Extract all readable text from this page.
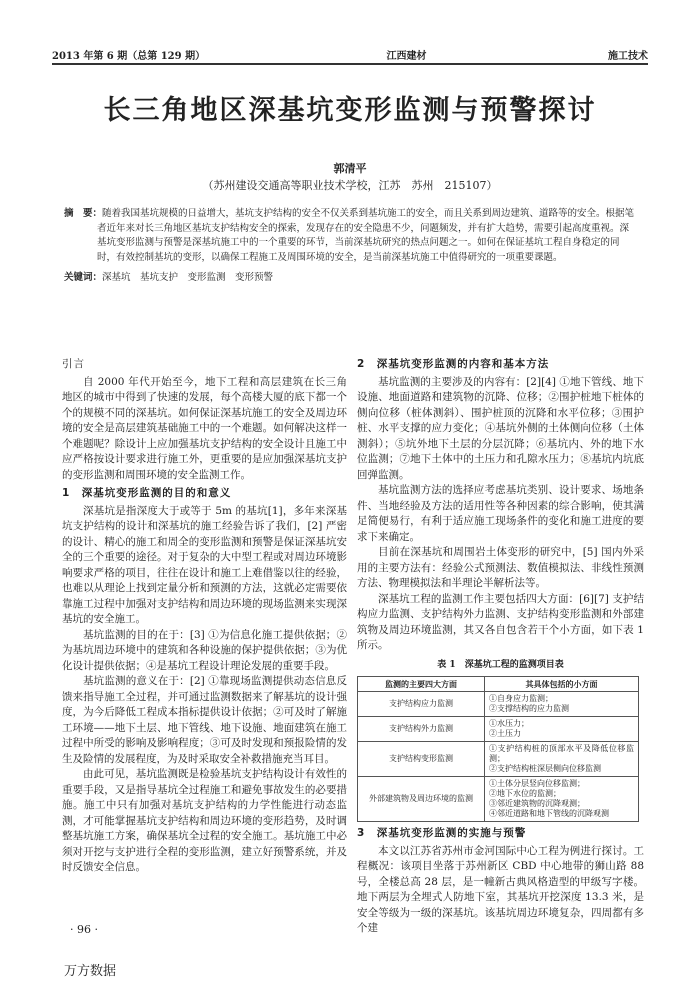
2013 年第 6 期（总第 129 期）	江西建材	施工技术
长三角地区深基坑变形监测与预警探讨
郭清平
（苏州建设交通高等职业技术学校，江苏　苏州　215107）
摘　要：随着我国基坑规模的日益增大，基坑支护结构的安全不仅关系到基坑施工的安全，而且关系到周边建筑、道路等的安全。根据笔者近年来对长三角地区基坑支护结构安全的探索，发现存在的安全隐患不少，问题频发，并有扩大趋势，需要引起高度重视。深基坑变形监测与预警是深基坑施工中的一个重要的环节，当前深基坑研究的热点问题之一。如何在保证基坑工程自身稳定的同时，有效控制基坑的变形，以确保工程施工及周围环境的安全，是当前深基坑施工中值得研究的一项重要课题。
关键词：深基坑　基坑支护　变形监测　变形预警
引言

自 2000 年代开始至今，地下工程和高层建筑在长三角地区的城市中得到了快速的发展，每个高楼大厦的底下都一个个的规模不同的深基坑。如何保证深基坑施工的安全及周边环境的安全是高层建筑基础施工中的一个难题。如何解决这样一个难题呢？除设计上应加强基坑支护结构的安全设计且施工中应严格按设计要求进行施工外，更重要的是应加强深基坑支护的变形监测和周围环境的安全监测工作。

1　深基坑变形监测的目的和意义

深基坑是指深度大于或等于 5m 的基坑[1]，多年来深基坑支护结构的设计和深基坑的施工经验告诉了我们，[2] 严密的设计、精心的施工和周全的变形监测和预警是保证深基坑安全的三个重要的途径。对于复杂的大中型工程或对周边环境影响要求严格的项目，往往在设计和施工上难借鉴以往的经验，也难以从理论上找到定量分析和预测的方法，这就必定需要依靠施工过程中加强对支护结构和周边环境的现场监测来实现深基坑的安全施工。

基坑监测的目的在于：[3] ①为信息化施工提供依据；②为基坑周边环境中的建筑和各种设施的保护提供依据；③为优化设计提供依据；④是基坑工程设计理论发展的重要手段。

基坑监测的意义在于：[2] ①靠现场监测提供动态信息反馈来指导施工全过程，并可通过监测数据来了解基坑的设计强度，为今后降低工程成本指标提供设计依据；②可及时了解施工环境——地下土层、地下管线、地下设施、地面建筑在施工过程中所受的影响及影响程度；③可及时发现和预报险情的发生及险情的发展程度，为及时采取安全补救措施充当耳目。

由此可见，基坑监测既是检验基坑支护结构设计有效性的重要手段，又是指导基坑全过程施工和避免事故发生的必要措施。施工中只有加强对基坑支护结构的力学性能进行动态监测，才可能掌握基坑支护结构和周边环境的变形趋势，及时调整基坑施工方案，确保基坑全过程的安全施工。基坑施工中必须对开挖与支护进行全程的变形监测，建立好预警系统，并及时反馈安全信息。

2　深基坑变形监测的内容和基本方法

基坑监测的主要涉及的内容有：[2][4] ①地下管线、地下设施、地面道路和建筑物的沉降、位移；②围护桩地下桩体的侧向位移（桩体测斜）、围护桩顶的沉降和水平位移；③围护桩、水平支撑的应力变化；④基坑外侧的土体侧向位移（土体测斜）；⑤坑外地下土层的分层沉降；⑥基坑内、外的地下水位监测；⑦地下土体中的土压力和孔隙水压力；⑧基坑内坑底回弹监测。

基坑监测方法的选择应考虑基坑类别、设计要求、场地条件、当地经验及方法的适用性等各种因素的综合影响，使其满足简便易行，有利于适应施工现场条件的变化和施工进度的要求下来确定。

目前在深基坑和周围岩土体变形的研究中，[5] 国内外采用的主要方法有：经验公式预测法、数值模拟法、非线性预测方法、物理模拟法和半理论半解析法等。

深基坑工程的监测工作主要包括四大方面：[6][7] 支护结构应力监测、支护结构外力监测、支护结构变形监测和外部建筑物及周边环境监测，其又各自包含若干个小方面，如下表 1 所示。

表 1　深基坑工程的监测项目表
监测的主要四大方面	其具体包括的小方面
支护结构应力监测	①自身应力监测；
②支撑结构的应力监测

支护结构外力监测	①水压力；
②土压力

支护结构变形监测	①支护结构桩的顶部水平及降低位移监测；
②支护结构桩深层侧向位移监测

外部建筑物及周边环境的监测	①土体分层竖向位移监测；
②地下水位的监测；
③邻近建筑物的沉降观测；
④邻近道路和地下管线的沉降观测
3　深基坑变形监测的实施与预警

本文以江苏省苏州市金河国际中心工程为例进行探讨。工程概况：该项目坐落于苏州新区 CBD 中心地带的狮山路 88 号，全楼总高 28 层，是一幢新古典风格造型的甲级写字楼。地下两层为全埋式人防地下室，其基坑开挖深度 13.3 米，是安全等级为一级的深基坑。该基坑周边环境复杂，四周都有多个建

· 96 ·
万方数据
